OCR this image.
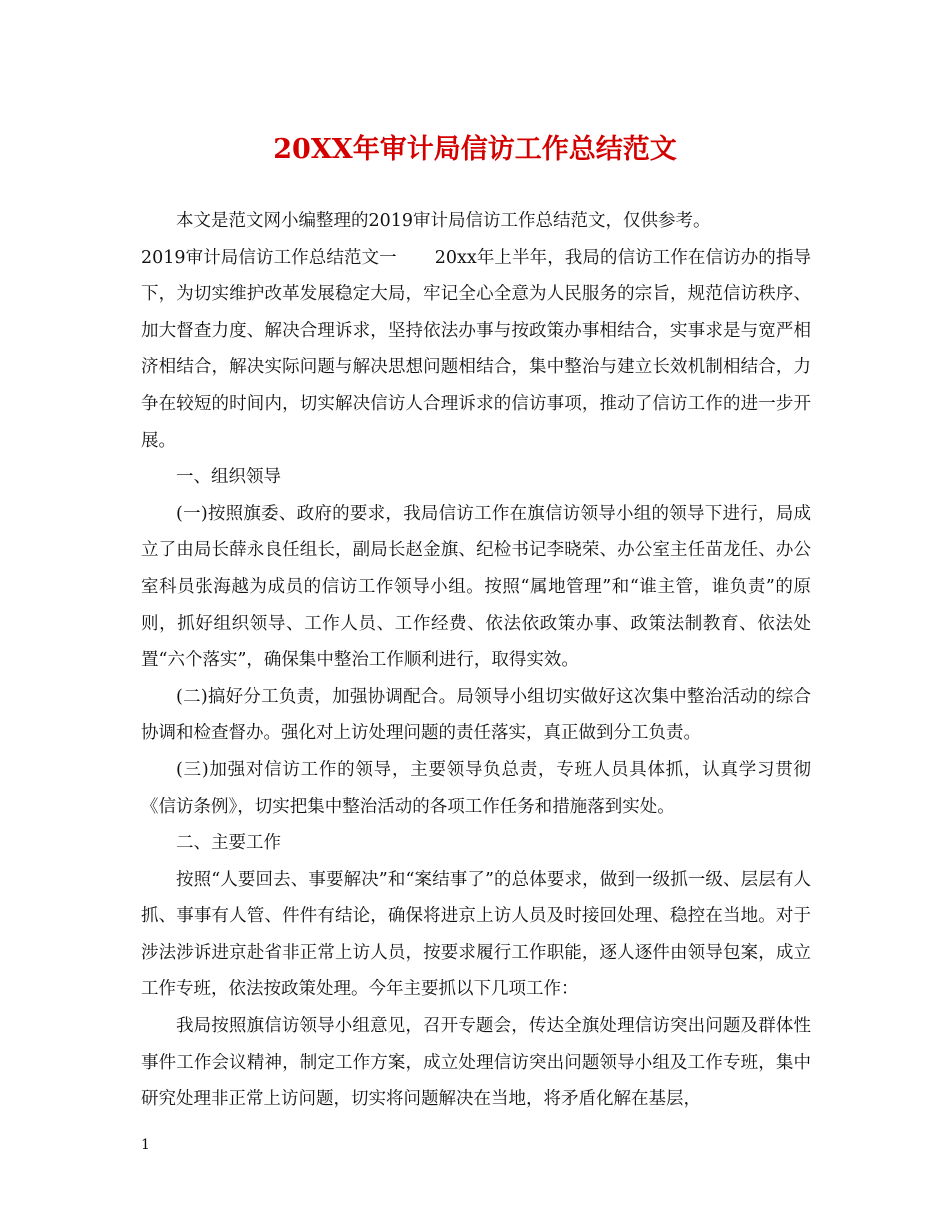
20XX年审计局信访工作总结范文

本文是范文网小编整理的2019审计局信访工作总结范文，仅供参考。

2019审计局信访工作总结范文一 20xx年上半年，我局的信访工作在信访办的指导下，为切实维护改革发展稳定大局，牢记全心全意为人民服务的宗旨，规范信访秩序、加大督查力度、解决合理诉求，坚持依法办事与按政策办事相结合，实事求是与宽严相济相结合，解决实际问题与解决思想问题相结合，集中整治与建立长效机制相结合，力争在较短的时间内，切实解决信访人合理诉求的信访事项，推动了信访工作的进一步开展。

一、组织领导

(一)按照旗委、政府的要求，我局信访工作在旗信访领导小组的领导下进行，局成立了由局长薛永良任组长，副局长赵金旗、纪检书记李晓荣、办公室主任苗龙任、办公室科员张海越为成员的信访工作领导小组。按照“属地管理”和“谁主管，谁负责”的原则，抓好组织领导、工作人员、工作经费、依法依政策办事、政策法制教育、依法处置“六个落实”，确保集中整治工作顺利进行，取得实效。

(二)搞好分工负责，加强协调配合。局领导小组切实做好这次集中整治活动的综合协调和检查督办。强化对上访处理问题的责任落实，真正做到分工负责。

(三)加强对信访工作的领导，主要领导负总责，专班人员具体抓，认真学习贯彻《信访条例》，切实把集中整治活动的各项工作任务和措施落到实处。

二、主要工作

按照“人要回去、事要解决”和“案结事了”的总体要求，做到一级抓一级、层层有人抓、事事有人管、件件有结论，确保将进京上访人员及时接回处理、稳控在当地。对于涉法涉诉进京赴省非正常上访人员，按要求履行工作职能，逐人逐件由领导包案，成立工作专班，依法按政策处理。今年主要抓以下几项工作：

我局按照旗信访领导小组意见，召开专题会，传达全旗处理信访突出问题及群体性事件工作会议精神，制定工作方案，成立处理信访突出问题领导小组及工作专班，集中研究处理非正常上访问题，切实将问题解决在当地，将矛盾化解在基层，

1
